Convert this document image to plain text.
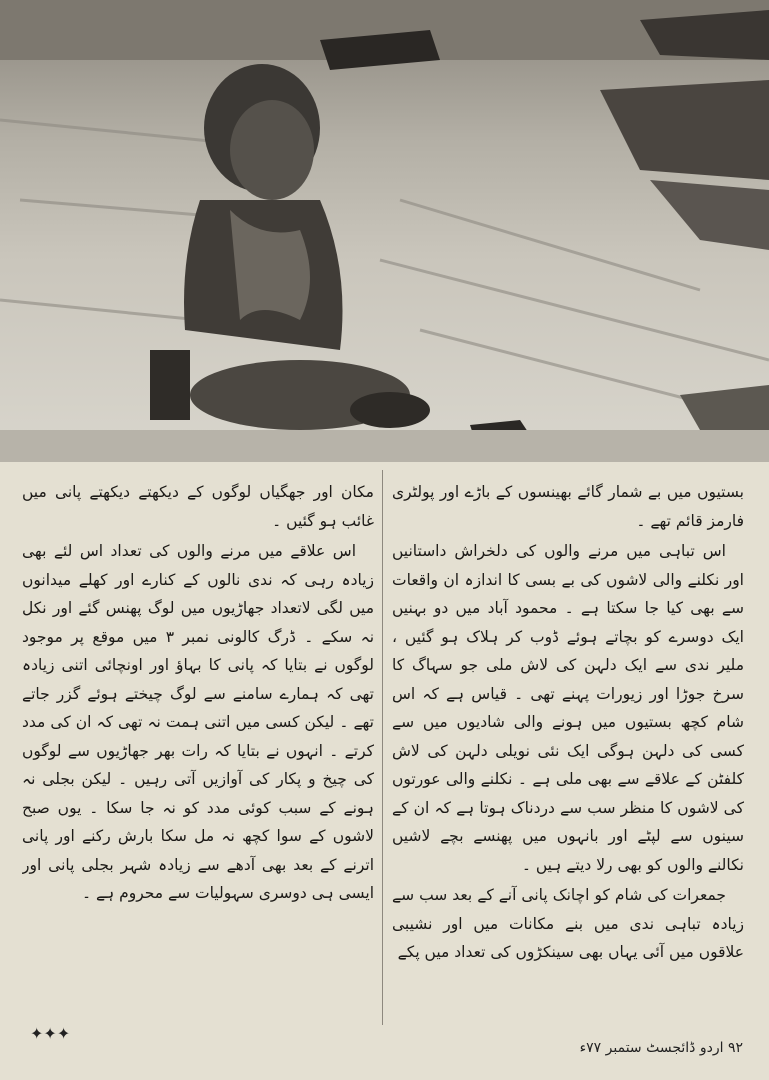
بستیوں میں بے شمار گائے بھینسوں کے باڑے اور پولٹری فارمز قائم تھے ۔

اس تباہی میں مرنے والوں کی دلخراش داستانیں اور نکلنے والی لاشوں کی بے بسی کا اندازہ ان واقعات سے بھی کیا جا سکتا ہے ۔ محمود آباد میں دو بہنیں ایک دوسرے کو بچاتے ہوئے ڈوب کر ہلاک ہو گئیں ، ملیر ندی سے ایک دلہن کی لاش ملی جو سہاگ کا سرخ جوڑا اور زیورات پہنے تھی ۔ قیاس ہے کہ اس شام کچھ بستیوں میں ہونے والی شادیوں میں سے کسی کی دلہن ہوگی ایک نئی نویلی دلہن کی لاش کلفٹن کے علاقے سے بھی ملی ہے ۔ نکلنے والی عورتوں کی لاشوں کا منظر سب سے دردناک ہوتا ہے کہ ان کے سینوں سے لپٹے اور بانہوں میں پھنسے بچے لاشیں نکالنے والوں کو بھی رلا دیتے ہیں ۔

جمعرات کی شام کو اچانک پانی آنے کے بعد سب سے زیادہ تباہی ندی میں بنے مکانات میں اور نشیبی علاقوں میں آئی یہاں بھی سینکڑوں کی تعداد میں پکے

مکان اور جھگیاں لوگوں کے دیکھتے دیکھتے پانی میں غائب ہو گئیں ۔

اس علاقے میں مرنے والوں کی تعداد اس لئے بھی زیادہ رہی کہ ندی نالوں کے کنارے اور کھلے میدانوں میں لگی لاتعداد جھاڑیوں میں لوگ پھنس گئے اور نکل نہ سکے ۔ ڈرگ کالونی نمبر ۳ میں موقع پر موجود لوگوں نے بتایا کہ پانی کا بہاؤ اور اونچائی اتنی زیادہ تھی کہ ہمارے سامنے سے لوگ چیختے ہوئے گزر جاتے تھے ۔ لیکن کسی میں اتنی ہمت نہ تھی کہ ان کی مدد کرتے ۔ انہوں نے بتایا کہ رات بھر جھاڑیوں سے لوگوں کی چیخ و پکار کی آوازیں آتی رہیں ۔ لیکن بجلی نہ ہونے کے سبب کوئی مدد کو نہ جا سکا ۔ یوں صبح لاشوں کے سوا کچھ نہ مل سکا بارش رکنے اور پانی اترنے کے بعد بھی آدھے سے زیادہ شہر بجلی پانی اور ایسی ہی دوسری سہولیات سے محروم ہے ۔

✦✦✦
۹۲ اردو ڈائجسٹ ستمبر ۷۷ء
